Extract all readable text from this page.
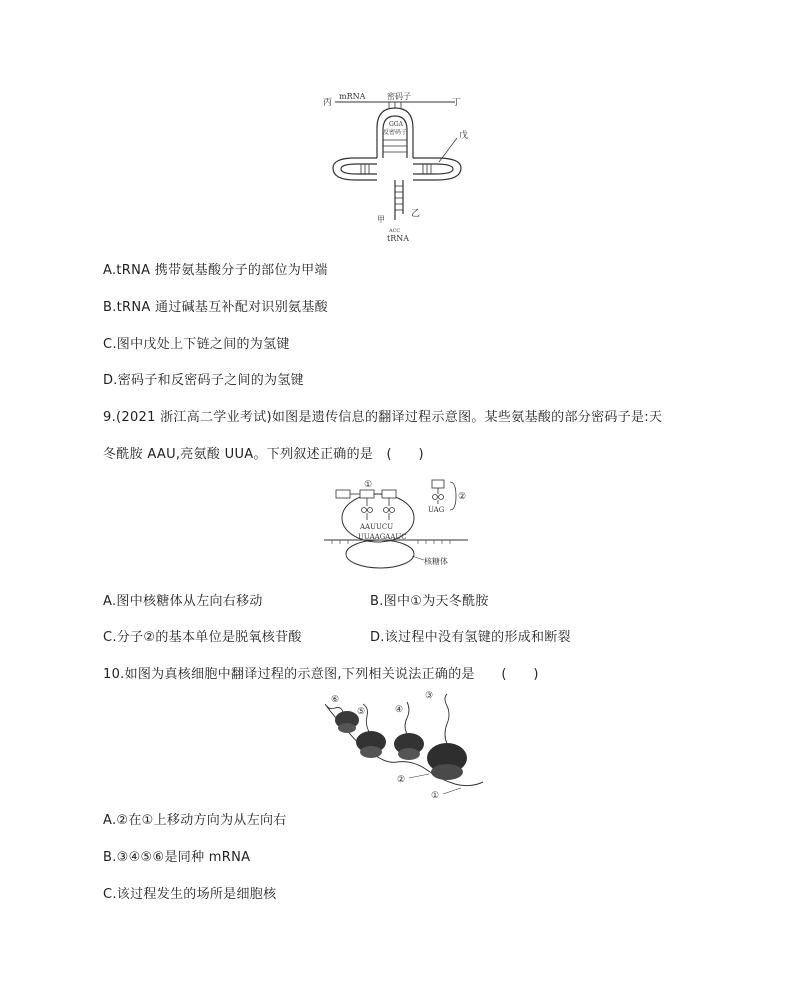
丙
mRNA	密码子
丁
GGA
反密码子	戊
甲
ACC
乙
tRNA
A.tRNA 携带氨基酸分子的部位为甲端
B.tRNA 通过碱基互补配对识别氨基酸
C.图中戊处上下链之间的为氢键
D.密码子和反密码子之间的为氢键
9.(2021 浙江高二学业考试)如图是遗传信息的翻译过程示意图。某些氨基酸的部分密码子是:天
冬酰胺 AAU,亮氨酸 UUA。下列叙述正确的是　(　　)
①
AAUUCU
UUAAGAAUC
UAG
②
核糖体
A.图中核糖体从左向右移动	B.图中①为天冬酰胺
C.分子②的基本单位是脱氧核苷酸	D.该过程中没有氢键的形成和断裂
10.如图为真核细胞中翻译过程的示意图,下列相关说法正确的是　　(　　)
⑥
⑤	④
③
②
①
A.②在①上移动方向为从左向右
B.③④⑤⑥是同种 mRNA
C.该过程发生的场所是细胞核
